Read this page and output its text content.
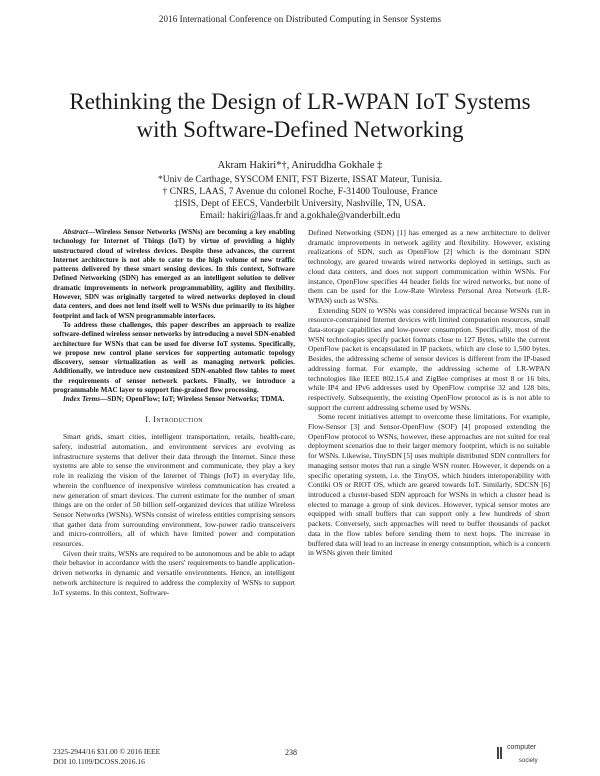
2016 International Conference on Distributed Computing in Sensor Systems
Rethinking the Design of LR-WPAN IoT Systems
with Software-Defined Networking
Akram Hakiri*†, Aniruddha Gokhale ‡
*Univ de Carthage, SYSCOM ENIT, FST Bizerte, ISSAT Mateur, Tunisia.
† CNRS, LAAS, 7 Avenue du colonel Roche, F-31400 Toulouse, France
‡ISIS, Dept of EECS, Vanderbilt University, Nashville, TN, USA.
Email: hakiri@laas.fr and a.gokhale@vanderbilt.edu

Abstract—Wireless Sensor Networks (WSNs) are becoming a key enabling technology for Internet of Things (IoT) by virtue of providing a highly unstructured cloud of wireless devices. Despite these advances, the current Internet architecture is not able to cater to the high volume of new traffic patterns delivered by these smart sensing devices. In this context, Software Defined Networking (SDN) has emerged as an intelligent solution to deliver dramatic improvements in network programmability, agility and flexibility. However, SDN was originally targeted to wired networks deployed in cloud data centers, and does not lend itself well to WSNs due primarily to its higher footprint and lack of WSN programmable interfaces.

To address these challenges, this paper describes an approach to realize software-defined wireless sensor networks by introducing a novel SDN-enabled architecture for WSNs that can be used for diverse IoT systems. Specifically, we propose new control plane services for supporting automatic topology discovery, sensor virtualization as well as managing network policies. Additionally, we introduce new customized SDN-enabled flow tables to meet the requirements of sensor network packets. Finally, we introduce a programmable MAC layer to support fine-grained flow processing.

Index Terms—SDN; OpenFlow; IoT; Wireless Sensor Networks; TDMA.

I. Introduction

Smart grids, smart cities, intelligent transportation, retails, health-care, safety, industrial automation, and environment services are evolving as infrastructure systems that deliver their data through the Internet. Since these systems are able to sense the environment and communicate, they play a key role in realizing the vision of the Internet of Things (IoT) in everyday life, wherein the confluence of inexpensive wireless communication has created a new generation of smart devices. The current estimate for the number of smart things are on the order of 50 billion self-organized devices that utilize Wireless Sensor Networks (WSNs). WSNs consist of wireless entities comprising sensors that gather data from surrounding environment, low-power radio transceivers and micro-controllers, all of which have limited power and computation resources.

Given their traits, WSNs are required to be autonomous and be able to adapt their behavior in accordance with the users' requirements to handle application-driven networks in dynamic and versatile environments. Hence, an intelligent network architecture is required to address the complexity of WSNs to support IoT systems. In this context, Software-

Defined Networking (SDN) [1] has emerged as a new architecture to deliver dramatic improvements in network agility and flexibility. However, existing realizations of SDN, such as OpenFlow [2] which is the dominant SDN technology, are geared towards wired networks deployed in settings, such as cloud data centers, and does not support communication within WSNs. For instance, OpenFlow specifies 44 header fields for wired networks, but none of them can be used for the Low-Rate Wireless Personal Area Network (LR-WPAN) such as WSNs.

Extending SDN to WSNs was considered impractical because WSNs run in resource-constrained Internet devices with limited computation resources, small data-storage capabilities and low-power consumption. Specifically, most of the WSN technologies specify packet formats close to 127 Bytes, while the current OpenFlow packet is encapsulated in IP packets, which are close to 1,500 bytes. Besides, the addressing scheme of sensor devices is different from the IP-based addressing format. For example, the addressing scheme of LR-WPAN technologies like IEEE 802.15.4 and ZigBee comprises at most 8 or 16 bits, while IP4 and IPv6 addresses used by OpenFlow comprise 32 and 128 bits, respectively. Subsequently, the existing OpenFlow protocol as is is not able to support the current addressing scheme used by WSNs.

Some recent initiatives attempt to overcome these limitations. For example, Flow-Sensor [3] and Sensor-OpenFlow (SOF) [4] proposed extending the OpenFlow protocol to WSNs, however, these approaches are not suited for real deployment scenarios due to their larger memory footprint, which is no suitable for WSNs. Likewise, TinySDN [5] uses multiple distributed SDN controllers for managing sensor motes that run a single WSN router. However, it depends on a specific operating system, i.e. the TinyOS, which hinders interoperability with Contiki OS or RIOT OS, which are geared towards IoT. Similarly, SDCSN [6] introduced a cluster-based SDN approach for WSNs in which a cluster head is elected to manage a group of sink devices. However, typical sensor motes are equipped with small buffers that can support only a few hundreds of short packets. Conversely, such approaches will need to buffer thousands of packet data in the flow tables before sending them to next hops. The increase in buffered data will lead to an increase in energy consumption, which is a concern in WSNs given their limited

2325-2944/16 $31.00 © 2016 IEEE
DOI 10.1109/DCOSS.2016.16
238
computer
society
